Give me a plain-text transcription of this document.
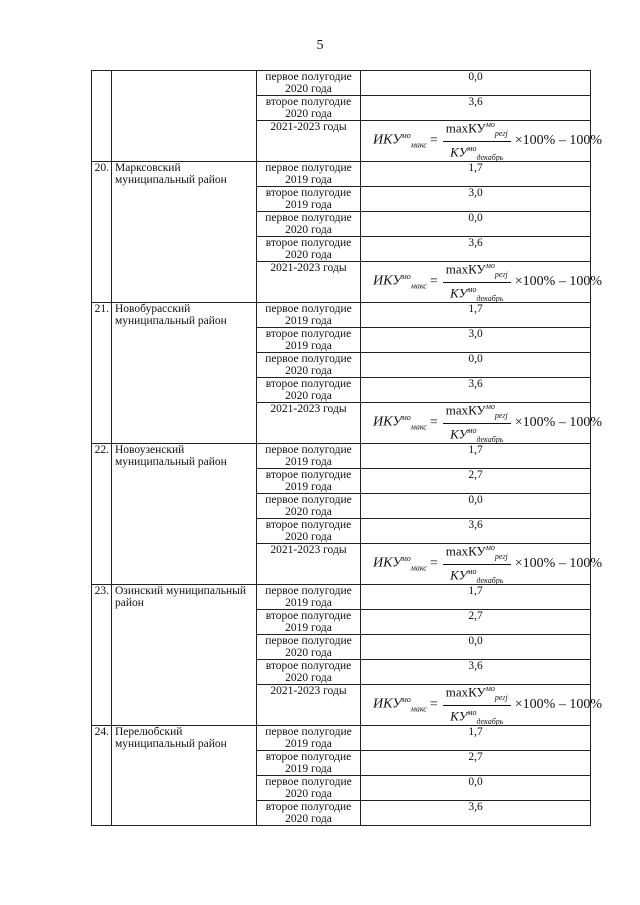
5
		первое полугодие 2020 года	0,0
		второе полугодие 2020 года	3,6
		2021-2023 годы	$ИКУ^{мо}_{макс} = \frac{\max КУ^{мо}_{регj}}{КУ^{мо}_{декабрь}} \times 100\% - 100\%$

20.	Марксовский муниципальный район	первое полугодие 2019 года	1,7
		второе полугодие 2019 года	3,0
		первое полугодие 2020 года	0,0
		второе полугодие 2020 года	3,6
		2021-2023 годы	$ИКУ^{мо}_{макс} = \frac{\max КУ^{мо}_{регj}}{КУ^{мо}_{декабрь}} \times 100\% - 100\%$

21.	Новобурасский муниципальный район	первое полугодие 2019 года	1,7
		второе полугодие 2019 года	3,0
		первое полугодие 2020 года	0,0
		второе полугодие 2020 года	3,6
		2021-2023 годы	$ИКУ^{мо}_{макс} = \frac{\max КУ^{мо}_{регj}}{КУ^{мо}_{декабрь}} \times 100\% - 100\%$

22.	Новоузенский муниципальный район	первое полугодие 2019 года	1,7
		второе полугодие 2019 года	2,7
		первое полугодие 2020 года	0,0
		второе полугодие 2020 года	3,6
		2021-2023 годы	$ИКУ^{мо}_{макс} = \frac{\max КУ^{мо}_{регj}}{КУ^{мо}_{декабрь}} \times 100\% - 100\%$

23.	Озинский муниципальный район	первое полугодие 2019 года	1,7
		второе полугодие 2019 года	2,7
		первое полугодие 2020 года	0,0
		второе полугодие 2020 года	3,6
		2021-2023 годы	$ИКУ^{мо}_{макс} = \frac{\max КУ^{мо}_{регj}}{КУ^{мо}_{декабрь}} \times 100\% - 100\%$

24.	Перелюбский муниципальный район	первое полугодие 2019 года	1,7
		второе полугодие 2019 года	2,7
		первое полугодие 2020 года	0,0
		второе полугодие 2020 года	3,6
